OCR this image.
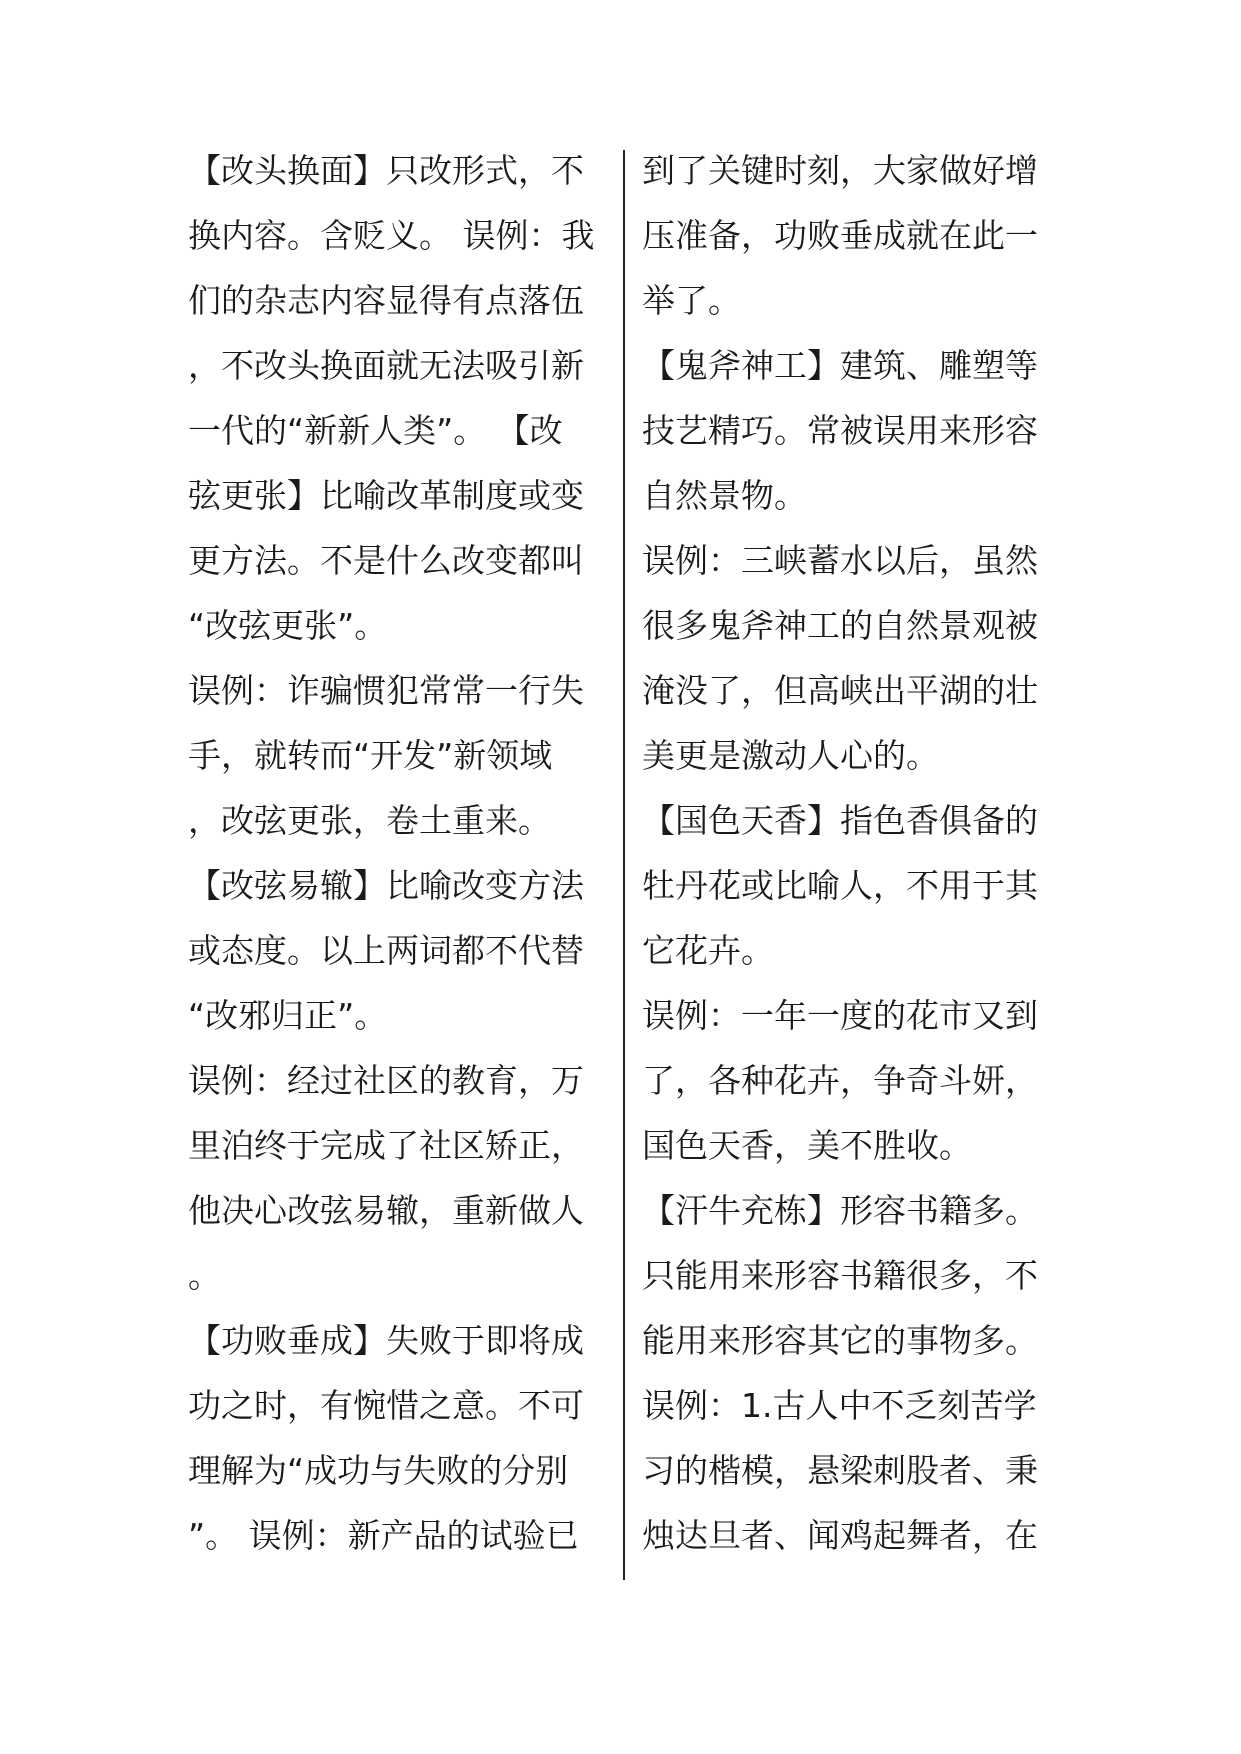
【改头换面】只改形式，不
换内容。含贬义。 误例：我
们的杂志内容显得有点落伍
，不改头换面就无法吸引新
一代的“新新人类”。 【改
弦更张】比喻改革制度或变
更方法。不是什么改变都叫
“改弦更张”。
误例：诈骗惯犯常常一行失
手，就转而“开发”新领域
，改弦更张，卷土重来。
【改弦易辙】比喻改变方法
或态度。以上两词都不代替
“改邪归正”。
误例：经过社区的教育，万
里泊终于完成了社区矫正，
他决心改弦易辙，重新做人
。
【功败垂成】失败于即将成
功之时，有惋惜之意。不可
理解为“成功与失败的分别
”。 误例：新产品的试验已
到了关键时刻，大家做好增
压准备，功败垂成就在此一
举了。
【鬼斧神工】建筑、雕塑等
技艺精巧。常被误用来形容
自然景物。
误例：三峡蓄水以后，虽然
很多鬼斧神工的自然景观被
淹没了，但高峡出平湖的壮
美更是激动人心的。
【国色天香】指色香俱备的
牡丹花或比喻人，不用于其
它花卉。
误例：一年一度的花市又到
了，各种花卉，争奇斗妍，
国色天香，美不胜收。
【汗牛充栋】形容书籍多。
只能用来形容书籍很多，不
能用来形容其它的事物多。
误例：1.古人中不乏刻苦学
习的楷模，悬梁刺股者、秉
烛达旦者、闻鸡起舞者，在
